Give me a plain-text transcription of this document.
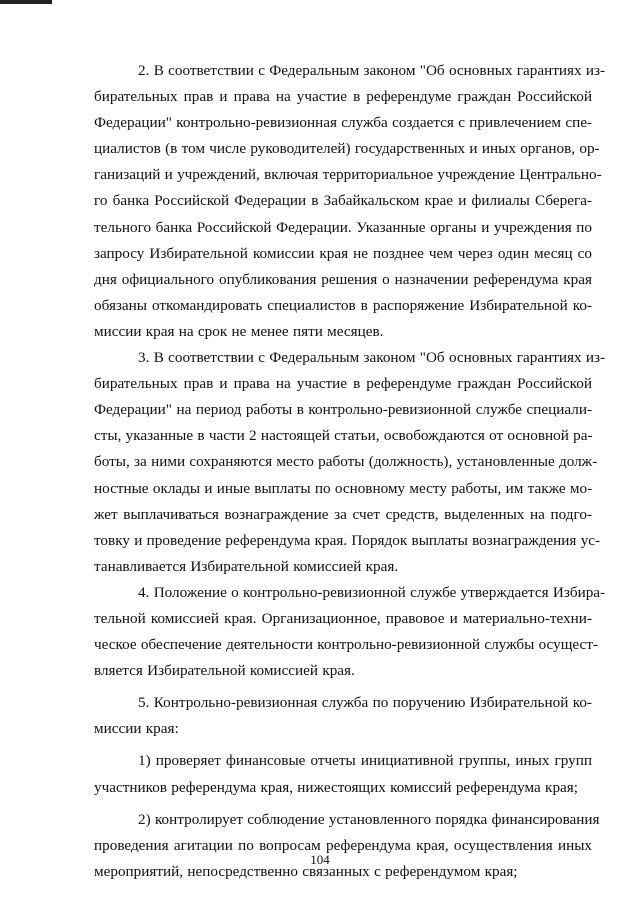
2. В соответствии с Федеральным законом "Об основных гарантиях из-
бирательных прав и права на участие в референдуме граждан Российской
Федерации" контрольно-ревизионная служба создается с привлечением спе-
циалистов (в том числе руководителей) государственных и иных органов, ор-
ганизаций и учреждений, включая территориальное учреждение Центрально-
го банка Российской Федерации в Забайкальском крае и филиалы Сберега-
тельного банка Российской Федерации. Указанные органы и учреждения по
запросу Избирательной комиссии края не позднее чем через один месяц со
дня официального опубликования решения о назначении референдума края
обязаны откомандировать специалистов в распоряжение Избирательной ко-
миссии края на срок не менее пяти месяцев.

3. В соответствии с Федеральным законом "Об основных гарантиях из-
бирательных прав и права на участие в референдуме граждан Российской
Федерации" на период работы в контрольно-ревизионной службе специали-
сты, указанные в части 2 настоящей статьи, освобождаются от основной ра-
боты, за ними сохраняются место работы (должность), установленные долж-
ностные оклады и иные выплаты по основному месту работы, им также мо-
жет выплачиваться вознаграждение за счет средств, выделенных на подго-
товку и проведение референдума края. Порядок выплаты вознаграждения ус-
танавливается Избирательной комиссией края.

4. Положение о контрольно-ревизионной службе утверждается Избира-
тельной комиссией края. Организационное, правовое и материально-техни-
ческое обеспечение деятельности контрольно-ревизионной службы осущест-
вляется Избирательной комиссией края.

5. Контрольно-ревизионная служба по поручению Избирательной ко-
миссии края:

1) проверяет финансовые отчеты инициативной группы, иных групп
участников референдума края, нижестоящих комиссий референдума края;

2) контролирует соблюдение установленного порядка финансирования
проведения агитации по вопросам референдума края, осуществления иных
мероприятий, непосредственно связанных с референдумом края;

104
